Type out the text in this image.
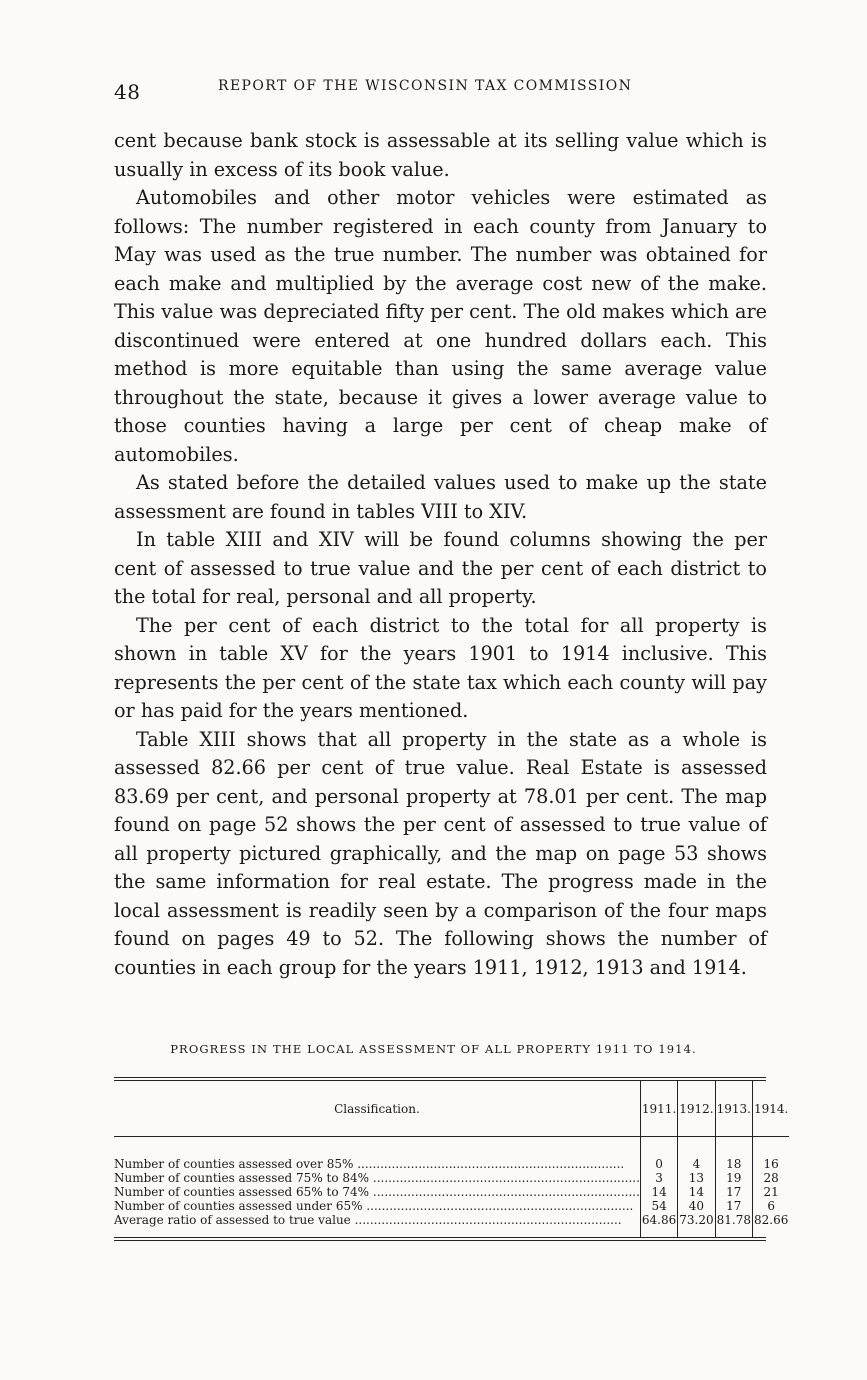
48	REPORT OF THE WISCONSIN TAX COMMISSION

cent because bank stock is assessable at its selling value which is usually in excess of its book value.

Automobiles and other motor vehicles were estimated as follows: The number registered in each county from January to May was used as the true number. The number was obtained for each make and multiplied by the average cost new of the make. This value was depreciated fifty per cent. The old makes which are discontinued were entered at one hundred dollars each. This method is more equitable than using the same average value throughout the state, because it gives a lower average value to those counties having a large per cent of cheap make of automobiles.

As stated before the detailed values used to make up the state assessment are found in tables VIII to XIV.

In table XIII and XIV will be found columns showing the per cent of assessed to true value and the per cent of each district to the total for real, personal and all property.

The per cent of each district to the total for all property is shown in table XV for the years 1901 to 1914 inclusive. This represents the per cent of the state tax which each county will pay or has paid for the years mentioned.

Table XIII shows that all property in the state as a whole is assessed 82.66 per cent of true value. Real Estate is assessed 83.69 per cent, and personal property at 78.01 per cent. The map found on page 52 shows the per cent of assessed to true value of all property pictured graphically, and the map on page 53 shows the same information for real estate. The progress made in the local assessment is readily seen by a comparison of the four maps found on pages 49 to 52. The following shows the number of counties in each group for the years 1911, 1912, 1913 and 1914.

PROGRESS IN THE LOCAL ASSESSMENT OF ALL PROPERTY 1911 TO 1914.
Classification.	1911.	1912.	1913.	1914.
Number of counties assessed over 85% .....	0	4	18	16
Number of counties assessed 75% to 84% .....	3	13	19	28
Number of counties assessed 65% to 74% .....	14	14	17	21
Number of counties assessed under 65% .....	54	40	17	6
Average ratio of assessed to true value .....	64.86	73.20	81.78	82.66
